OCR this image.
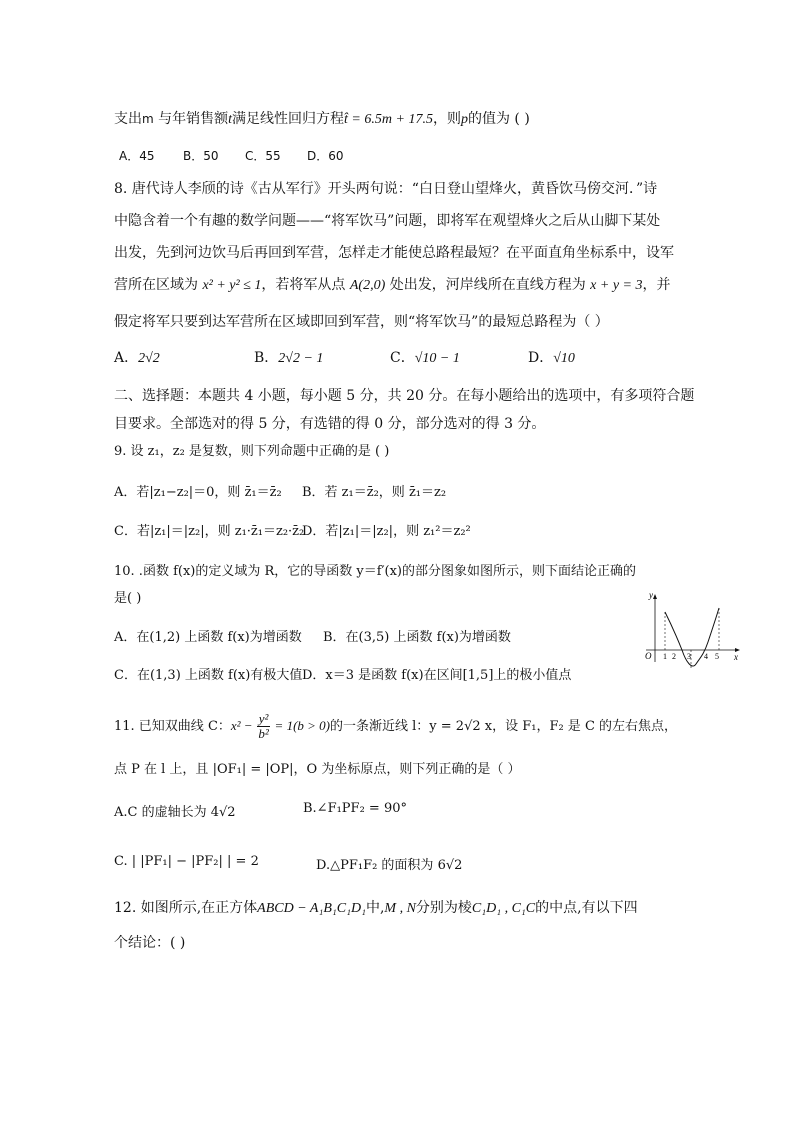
支出m 与年销售额t满足线性回归方程t̂ = 6.5m + 17.5，则p的值为 ( )
A．45 B．50 C．55 D．60
8. 唐代诗人李颀的诗《古从军行》开头两句说：“白日登山望烽火，黄昏饮马傍交河．”诗
中隐含着一个有趣的数学问题——“将军饮马”问题，即将军在观望烽火之后从山脚下某处
出发，先到河边饮马后再回到军营，怎样走才能使总路程最短？在平面直角坐标系中，设军
营所在区域为 x² + y² ≤ 1，若将军从点 A(2,0) 处出发，河岸线所在直线方程为 x + y = 3，并
假定将军只要到达军营所在区域即回到军营，则“将军饮马”的最短总路程为（ ）
A．2√2	B．2√2 − 1	C．√10 − 1	D．√10
二、选择题：本题共 4 小题，每小题 5 分，共 20 分。在每小题给出的选项中，有多项符合题
目要求。全部选对的得 5 分，有选错的得 0 分，部分选对的得 3 分。
9. 设 z₁，z₂ 是复数，则下列命题中正确的是 ( )
A．若|z₁−z₂|＝0，则 z̄₁＝z̄₂ B．若 z₁＝z̄₂，则 z̄₁＝z₂
C．若|z₁|＝|z₂|，则 z₁·z̄₁＝z₂·z̄₂
D．若|z₁|＝|z₂|，则 z₁²＝z₂²
10. .函数 f(x)的定义域为 R，它的导函数 y＝f′(x)的部分图象如图所示，则下面结论正确的
是( )
A．在(1,2) 上函数 f(x)为增函数 B．在(3,5) 上函数 f(x)为增函数
C．在(1,3) 上函数 f(x)有极大值 D．x＝3 是函数 f(x)在区间[1,5]上的极小值点
y
x
O 1 2 3 4 5
11. 已知双曲线 C：$x^2 - \frac{\text{y²}}{\text{b²}} = 1(b > 0)$的一条渐近线 l：y = 2√2 x，设 F₁，F₂ 是 C 的左右焦点，
点 P 在 l 上，且 |OF₁| = |OP|，O 为坐标原点，则下列正确的是（ ）
A.C 的虚轴长为 4√2	B.∠F₁PF₂ = 90°
C. | |PF₁| − |PF₂| | = 2	D.△PF₁F₂ 的面积为 6√2
12. 如图所示,在正方体ABCD − A₁B₁C₁D₁中,M , N分别为棱C₁D₁ , C₁C的中点,有以下四
个结论：( )
